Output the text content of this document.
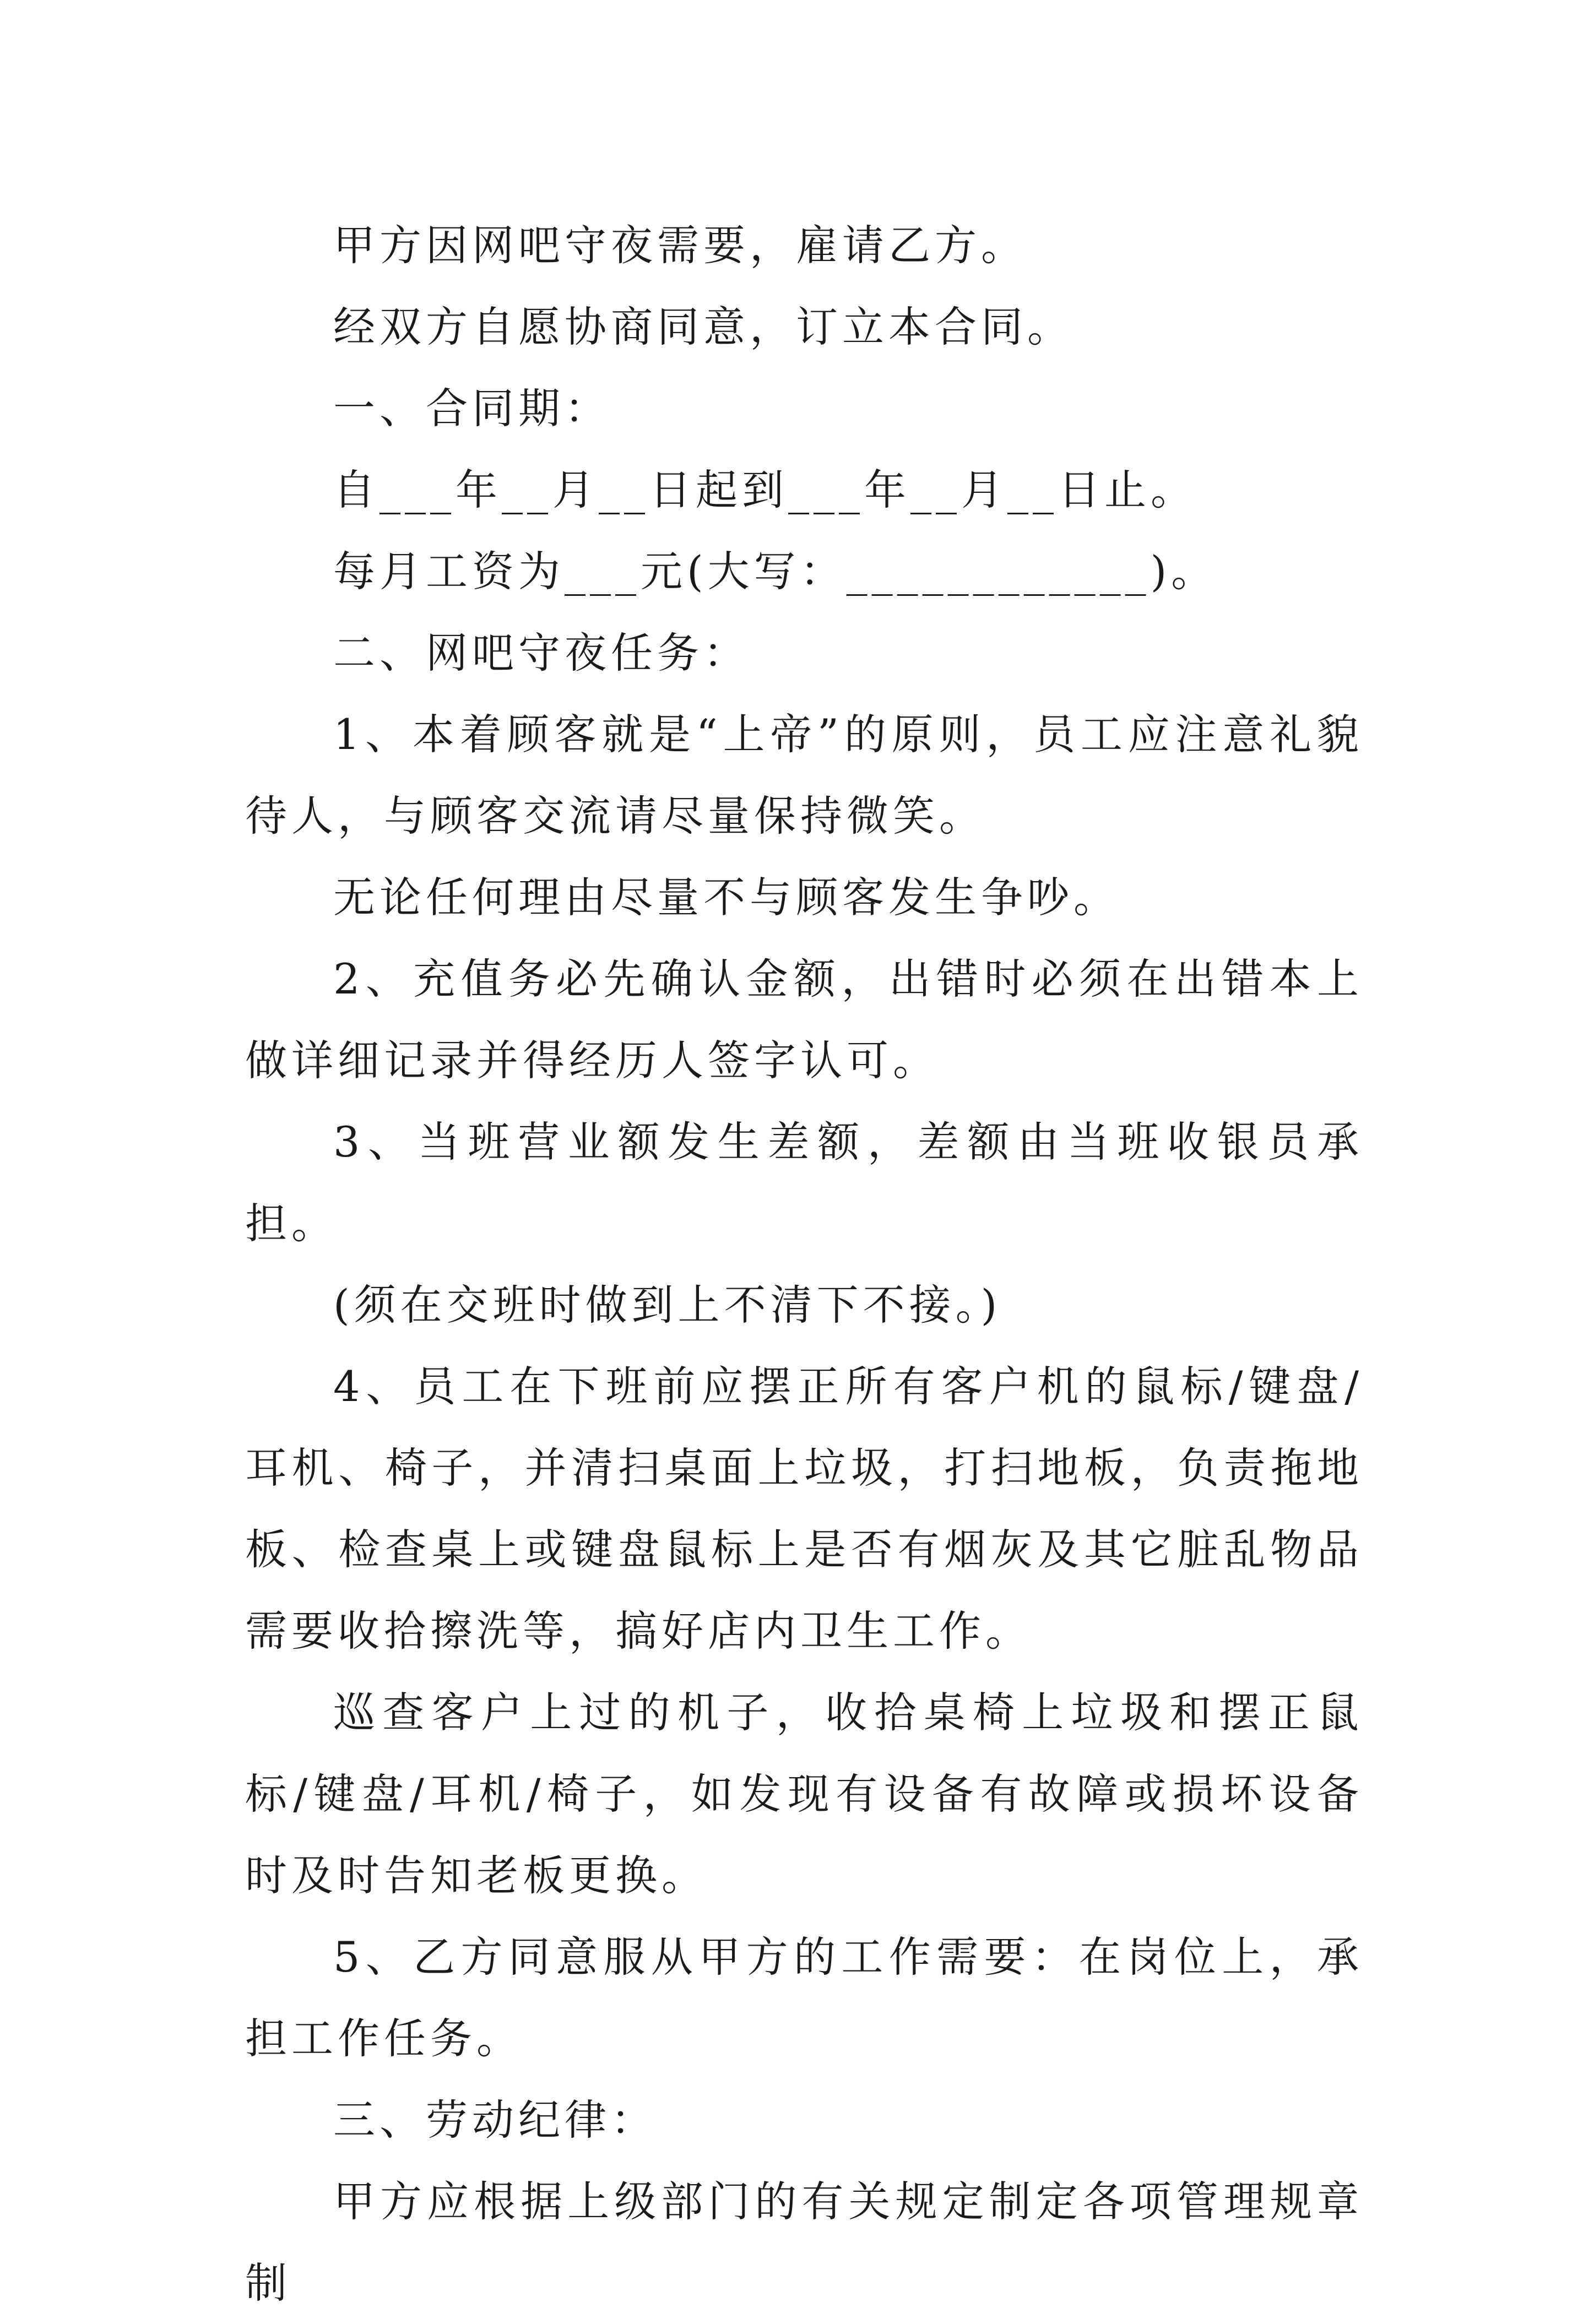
甲方因网吧守夜需要，雇请乙方。

经双方自愿协商同意，订立本合同。

一、合同期：

自___年__月__日起到___年__月__日止。

每月工资为___元(大写：____________)。

二、网吧守夜任务：

1、本着顾客就是“上帝”的原则，员工应注意礼貌待人，与顾客交流请尽量保持微笑。

无论任何理由尽量不与顾客发生争吵。

2、充值务必先确认金额，出错时必须在出错本上做详细记录并得经历人签字认可。

3、当班营业额发生差额，差额由当班收银员承担。

(须在交班时做到上不清下不接。)

4、员工在下班前应摆正所有客户机的鼠标/键盘/耳机、椅子，并清扫桌面上垃圾，打扫地板，负责拖地板、检查桌上或键盘鼠标上是否有烟灰及其它脏乱物品需要收拾擦洗等，搞好店内卫生工作。

巡查客户上过的机子，收拾桌椅上垃圾和摆正鼠标/键盘/耳机/椅子，如发现有设备有故障或损坏设备时及时告知老板更换。

5、乙方同意服从甲方的工作需要：在岗位上，承担工作任务。

三、劳动纪律：

甲方应根据上级部门的有关规定制定各项管理规章制
